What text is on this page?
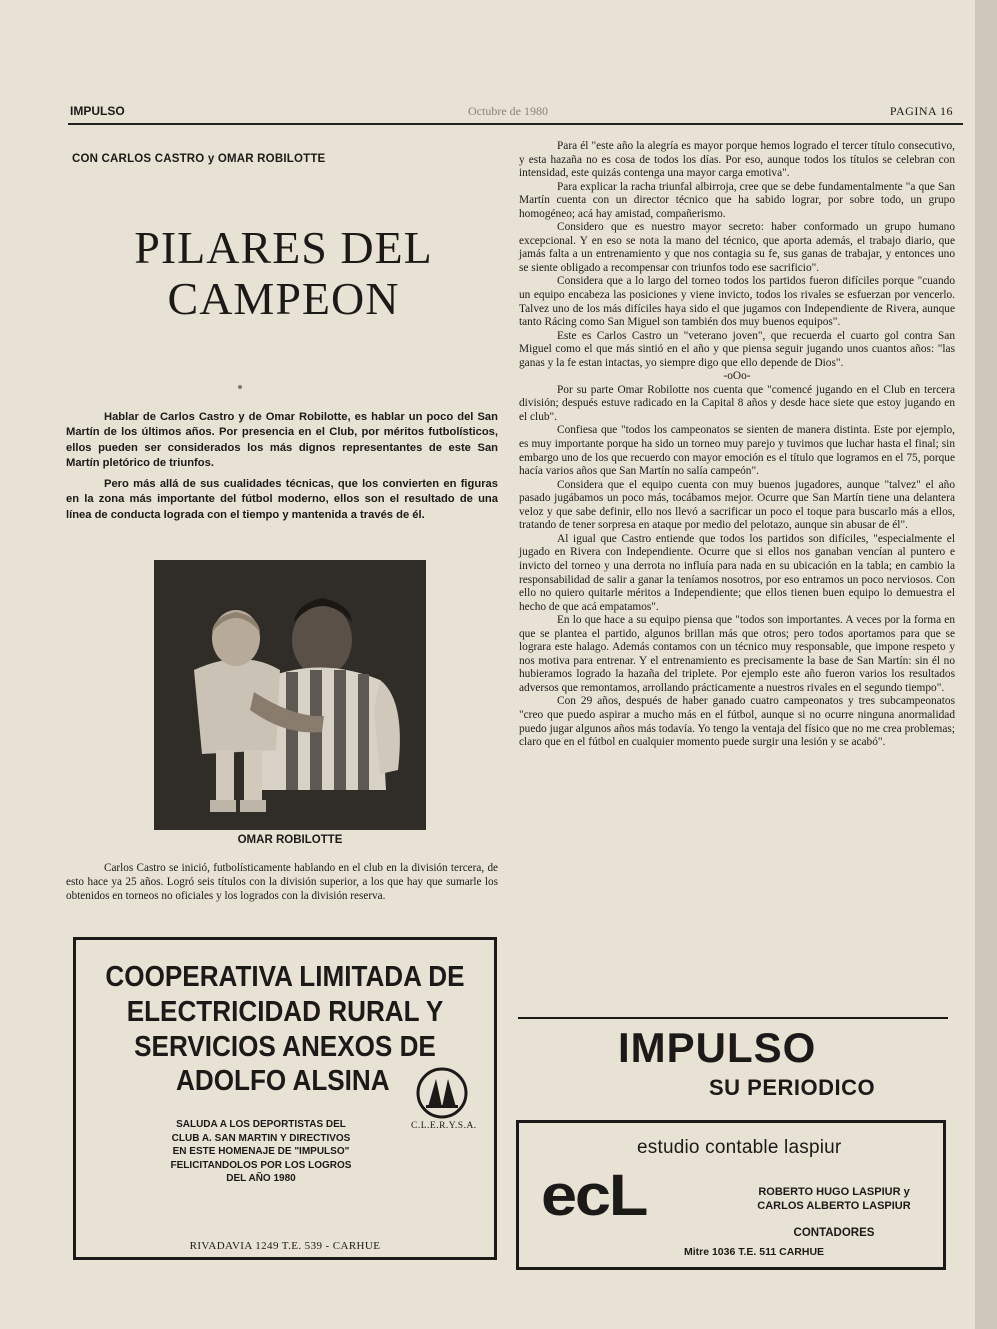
IMPULSO	Octubre de 1980	PAGINA 16
CON CARLOS CASTRO y OMAR ROBILOTTE
PILARES DEL
CAMPEON

Hablar de Carlos Castro y de Omar Robilotte, es hablar un poco del San Martín de los últimos años. Por presencia en el Club, por méritos futbolísticos, ellos pueden ser considerados los más dignos representantes de este San Martín pletórico de triunfos.

Pero más allá de sus cualidades técnicas, que los convierten en figuras en la zona más importante del fútbol moderno, ellos son el resultado de una línea de conducta lograda con el tiempo y mantenida a través de él.

OMAR ROBILOTTE

Carlos Castro se inició, futbolísticamente hablando en el club en la división tercera, de esto hace ya 25 años. Logró seis títulos con la división superior, a los que hay que sumarle los obtenidos en torneos no oficiales y los logrados con la división reserva.

COOPERATIVA LIMITADA DE
ELECTRICIDAD RURAL Y
SERVICIOS ANEXOS DE
ADOLFO ALSINA
C.L.E.R.Y.S.A.
SALUDA A LOS DEPORTISTAS DEL
CLUB A. SAN MARTIN Y DIRECTIVOS
EN ESTE HOMENAJE DE "IMPULSO"
FELICITANDOLOS POR LOS LOGROS
DEL AÑO 1980
RIVADAVIA 1249 T.E. 539 - CARHUE

Para él "este año la alegría es mayor porque hemos logrado el tercer título consecutivo, y esta hazaña no es cosa de todos los días. Por eso, aunque todos los títulos se celebran con intensidad, este quizás contenga una mayor carga emotiva".

Para explicar la racha triunfal albirroja, cree que se debe fundamentalmente "a que San Martín cuenta con un director técnico que ha sabido lograr, por sobre todo, un grupo homogéneo; acá hay amistad, compañerismo.

Considero que es nuestro mayor secreto: haber conformado un grupo humano excepcional. Y en eso se nota la mano del técnico, que aporta además, el trabajo diario, que jamás falta a un entrenamiento y que nos contagia su fe, sus ganas de trabajar, y entonces uno se siente obligado a recompensar con triunfos todo ese sacrificio".

Considera que a lo largo del torneo todos los partidos fueron difíciles porque "cuando un equipo encabeza las posiciones y viene invicto, todos los rivales se esfuerzan por vencerlo. Talvez uno de los más difíciles haya sido el que jugamos con Independiente de Rivera, aunque tanto Rácing como San Miguel son también dos muy buenos equipos".

Este es Carlos Castro un "veterano joven", que recuerda el cuarto gol contra San Miguel como el que más sintió en el año y que piensa seguir jugando unos cuantos años: "las ganas y la fe estan intactas, yo siempre digo que ello depende de Dios".

-oOo-

Por su parte Omar Robilotte nos cuenta que "comencé jugando en el Club en tercera división; después estuve radicado en la Capital 8 años y desde hace siete que estoy jugando en el club".

Confiesa que "todos los campeonatos se sienten de manera distinta. Este por ejemplo, es muy importante porque ha sido un torneo muy parejo y tuvimos que luchar hasta el final; sin embargo uno de los que recuerdo con mayor emoción es el título que logramos en el 75, porque hacía varios años que San Martín no salía campeón".

Considera que el equipo cuenta con muy buenos jugadores, aunque "talvez" el año pasado jugábamos un poco más, tocábamos mejor. Ocurre que San Martín tiene una delantera veloz y que sabe definir, ello nos llevó a sacrificar un poco el toque para buscarlo más a ellos, tratando de tener sorpresa en ataque por medio del pelotazo, aunque sin abusar de él".

Al igual que Castro entiende que todos los partidos son difíciles, "especialmente el jugado en Rivera con Independiente. Ocurre que si ellos nos ganaban vencían al puntero e invicto del torneo y una derrota no influía para nada en su ubicación en la tabla; en cambio la responsabilidad de salir a ganar la teníamos nosotros, por eso entramos un poco nerviosos. Con ello no quiero quitarle méritos a Independiente; que ellos tienen buen equipo lo demuestra el hecho de que acá empatamos".

En lo que hace a su equipo piensa que "todos son importantes. A veces por la forma en que se plantea el partido, algunos brillan más que otros; pero todos aportamos para que se lograra este halago. Además contamos con un técnico muy responsable, que impone respeto y nos motiva para entrenar. Y el entrenamiento es precisamente la base de San Martín: sin él no hubieramos logrado la hazaña del triplete. Por ejemplo este año fueron varios los resultados adversos que remontamos, arrollando prácticamente a nuestros rivales en el segundo tiempo".

Con 29 años, después de haber ganado cuatro campeonatos y tres subcampeonatos "creo que puedo aspirar a mucho más en el fútbol, aunque si no ocurre ninguna anormalidad puedo jugar algunos años más todavía. Yo tengo la ventaja del físico que no me crea problemas; claro que en el fútbol en cualquier momento puede surgir una lesión y se acabó".

IMPULSO
SU PERIODICO
estudio contable laspiur
ecL	ROBERTO HUGO LASPIUR y
CARLOS ALBERTO LASPIUR
CONTADORES
Mitre 1036 T.E. 511 CARHUE
